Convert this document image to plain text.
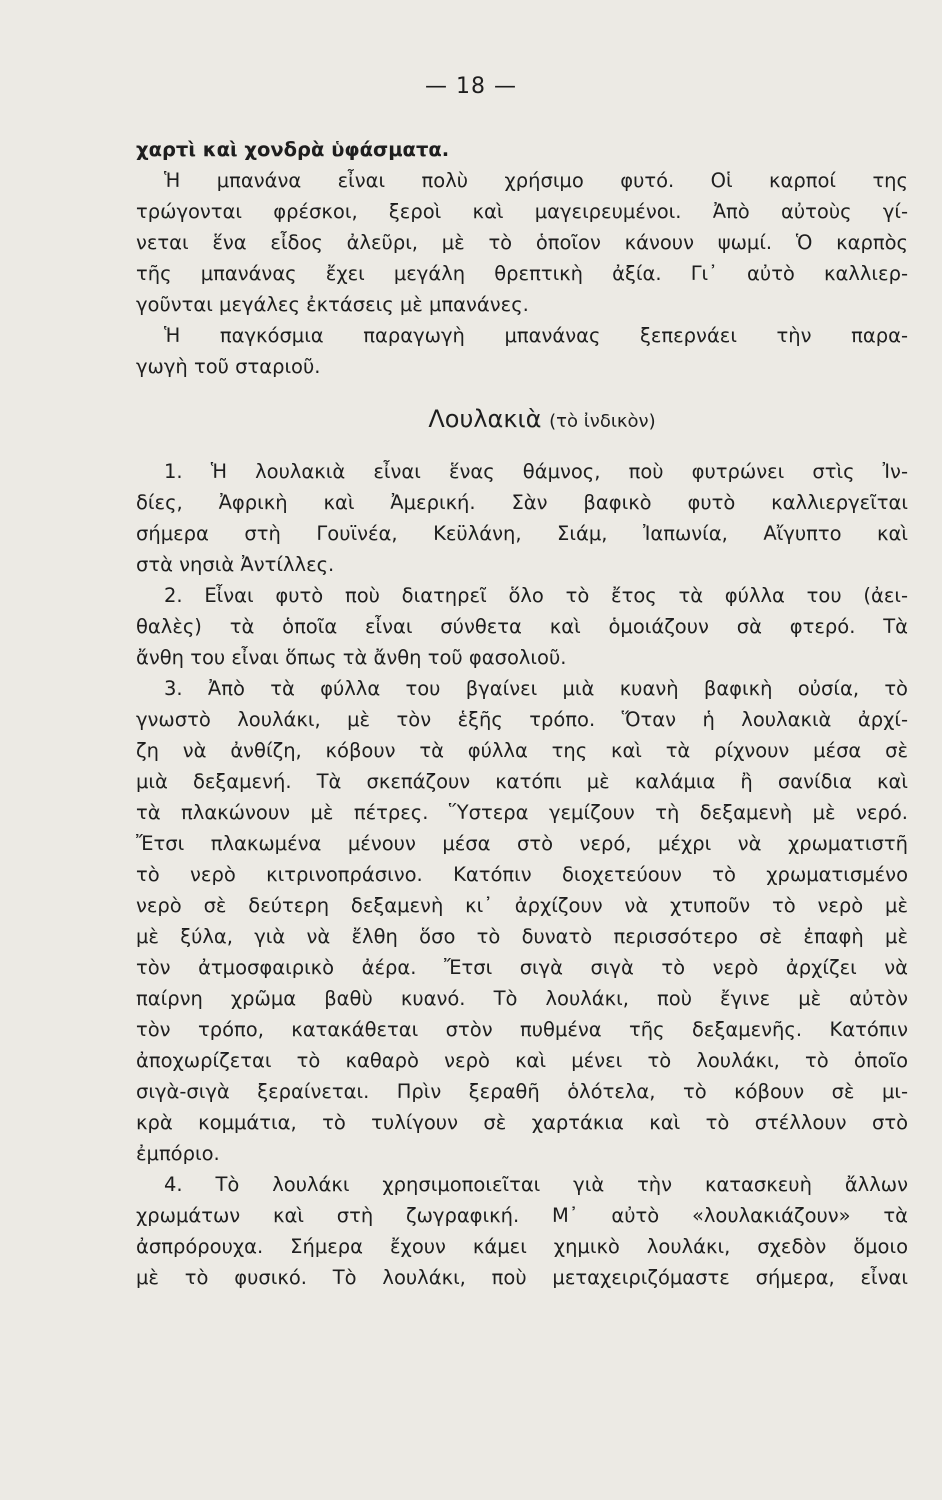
— 18 —
χαρτὶ καὶ χονδρὰ ὑφάσματα.
Ἡ μπανάνα εἶναι πολὺ χρήσιμο φυτό. Οἱ καρποί της
τρώγονται φρέσκοι, ξεροὶ καὶ μαγειρευμένοι. Ἀπὸ αὐτοὺς γί-
νεται ἕνα εἶδος ἀλεῦρι, μὲ τὸ ὁποῖον κάνουν ψωμί. Ὁ καρπὸς
τῆς μπανάνας ἔχει μεγάλη θρεπτικὴ ἀξία. Γι᾿ αὐτὸ καλλιερ-
γοῦνται μεγάλες ἐκτάσεις μὲ μπανάνες.
Ἡ παγκόσμια παραγωγὴ μπανάνας ξεπερνάει τὴν παρα-
γωγὴ τοῦ σταριοῦ.
Λουλακιὰ (τὸ ἰνδικὸν)
1. Ἡ λουλακιὰ εἶναι ἕνας θάμνος, ποὺ φυτρώνει στὶς Ἰν-
δίες, Ἀφρικὴ καὶ Ἀμερική. Σὰν βαφικὸ φυτὸ καλλιεργεῖται
σήμερα στὴ Γουϊνέα, Κεϋλάνη, Σιάμ, Ἰαπωνία, Αἴγυπτο καὶ
στὰ νησιὰ Ἀντίλλες.
2. Εἶναι φυτὸ ποὺ διατηρεῖ ὅλο τὸ ἔτος τὰ φύλλα του (ἀει-
θαλὲς) τὰ ὁποῖα εἶναι σύνθετα καὶ ὁμοιάζουν σὰ φτερό. Τὰ
ἄνθη του εἶναι ὅπως τὰ ἄνθη τοῦ φασολιοῦ.
3. Ἀπὸ τὰ φύλλα του βγαίνει μιὰ κυανὴ βαφικὴ οὐσία, τὸ
γνωστὸ λουλάκι, μὲ τὸν ἑξῆς τρόπο. Ὅταν ἡ λουλακιὰ ἀρχί-
ζη νὰ ἀνθίζη, κόβουν τὰ φύλλα της καὶ τὰ ρίχνουν μέσα σὲ
μιὰ δεξαμενή. Τὰ σκεπάζουν κατόπι μὲ καλάμια ἢ σανίδια καὶ
τὰ πλακώνουν μὲ πέτρες. Ὕστερα γεμίζουν τὴ δεξαμενὴ μὲ νερό.
Ἔτσι πλακωμένα μένουν μέσα στὸ νερό, μέχρι νὰ χρωματιστῆ
τὸ νερὸ κιτρινοπράσινο. Κατόπιν διοχετεύουν τὸ χρωματισμένο
νερὸ σὲ δεύτερη δεξαμενὴ κι᾿ ἀρχίζουν νὰ χτυποῦν τὸ νερὸ μὲ
μὲ ξύλα, γιὰ νὰ ἔλθη ὅσο τὸ δυνατὸ περισσότερο σὲ ἐπαφὴ μὲ
τὸν ἀτμοσφαιρικὸ ἀέρα. Ἔτσι σιγὰ σιγὰ τὸ νερὸ ἀρχίζει νὰ
παίρνη χρῶμα βαθὺ κυανό. Τὸ λουλάκι, ποὺ ἔγινε μὲ αὐτὸν
τὸν τρόπο, κατακάθεται στὸν πυθμένα τῆς δεξαμενῆς. Κατόπιν
ἀποχωρίζεται τὸ καθαρὸ νερὸ καὶ μένει τὸ λουλάκι, τὸ ὁποῖο
σιγὰ-σιγὰ ξεραίνεται. Πρὶν ξεραθῆ ὁλότελα, τὸ κόβουν σὲ μι-
κρὰ κομμάτια, τὸ τυλίγουν σὲ χαρτάκια καὶ τὸ στέλλουν στὸ
ἐμπόριο.
4. Τὸ λουλάκι χρησιμοποιεῖται γιὰ τὴν κατασκευὴ ἄλλων
χρωμάτων καὶ στὴ ζωγραφική. Μ᾿ αὐτὸ «λουλακιάζουν» τὰ
ἀσπρόρουχα. Σήμερα ἔχουν κάμει χημικὸ λουλάκι, σχεδὸν ὅμοιο
μὲ τὸ φυσικό. Τὸ λουλάκι, ποὺ μεταχειριζόμαστε σήμερα, εἶναι
